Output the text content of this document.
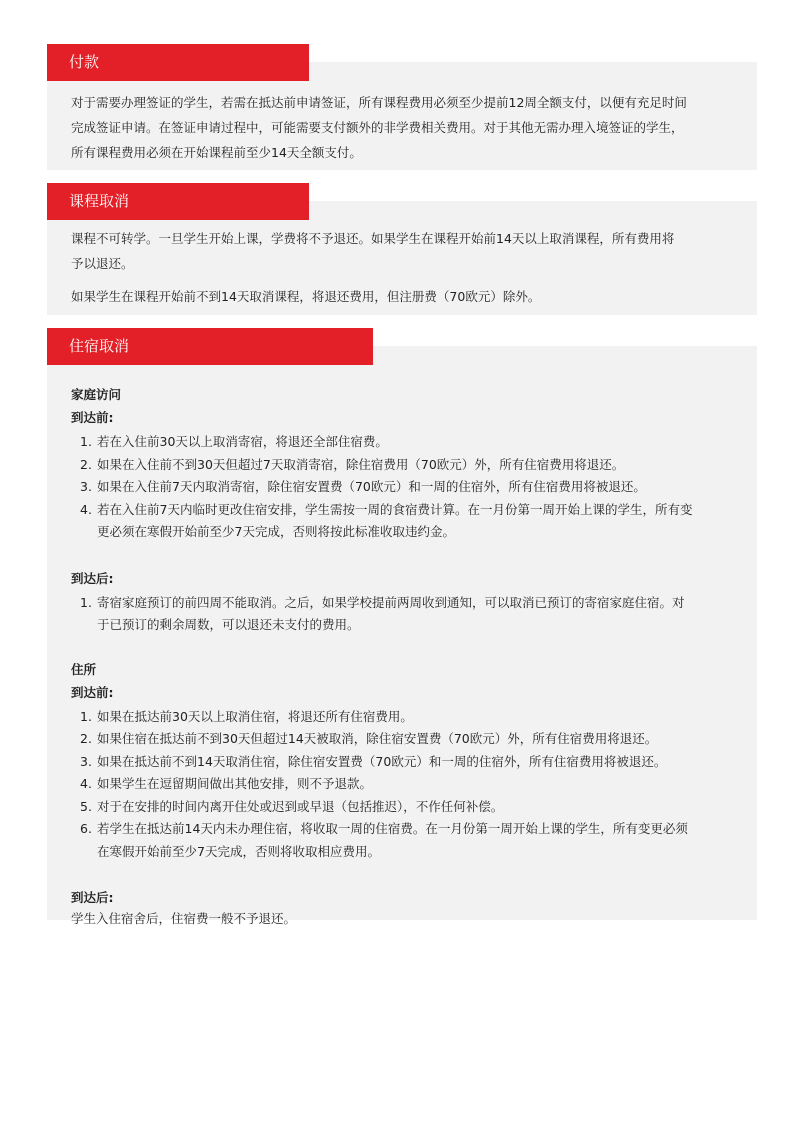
对于需要办理签证的学生，若需在抵达前申请签证，所有课程费用必须至少提前12周全额支付，以便有充足时间
完成签证申请。在签证申请过程中，可能需要支付额外的非学费相关费用。对于其他无需办理入境签证的学生，
所有课程费用必须在开始课程前至少14天全额支付。
付款
课程不可转学。一旦学生开始上课，学费将不予退还。如果学生在课程开始前14天以上取消课程，所有费用将
予以退还。
如果学生在课程开始前不到14天取消课程，将退还费用，但注册费（70欧元）除外。
课程取消
家庭访问
到达前:
1. 若在入住前30天以上取消寄宿，将退还全部住宿费。
2. 如果在入住前不到30天但超过7天取消寄宿，除住宿费用（70欧元）外，所有住宿费用将退还。
3. 如果在入住前7天内取消寄宿，除住宿安置费（70欧元）和一周的住宿外，所有住宿费用将被退还。
4. 若在入住前7天内临时更改住宿安排，学生需按一周的食宿费计算。在一月份第一周开始上课的学生，所有变
更必须在寒假开始前至少7天完成，否则将按此标准收取违约金。
到达后:
1. 寄宿家庭预订的前四周不能取消。之后，如果学校提前两周收到通知，可以取消已预订的寄宿家庭住宿。对
于已预订的剩余周数，可以退还未支付的费用。
住所
到达前:
1. 如果在抵达前30天以上取消住宿，将退还所有住宿费用。
2. 如果住宿在抵达前不到30天但超过14天被取消，除住宿安置费（70欧元）外，所有住宿费用将退还。
3. 如果在抵达前不到14天取消住宿，除住宿安置费（70欧元）和一周的住宿外，所有住宿费用将被退还。
4. 如果学生在逗留期间做出其他安排，则不予退款。
5. 对于在安排的时间内离开住处或迟到或早退（包括推迟），不作任何补偿。
6. 若学生在抵达前14天内未办理住宿，将收取一周的住宿费。在一月份第一周开始上课的学生，所有变更必须
在寒假开始前至少7天完成，否则将收取相应费用。
到达后:
学生入住宿舍后，住宿费一般不予退还。
住宿取消
